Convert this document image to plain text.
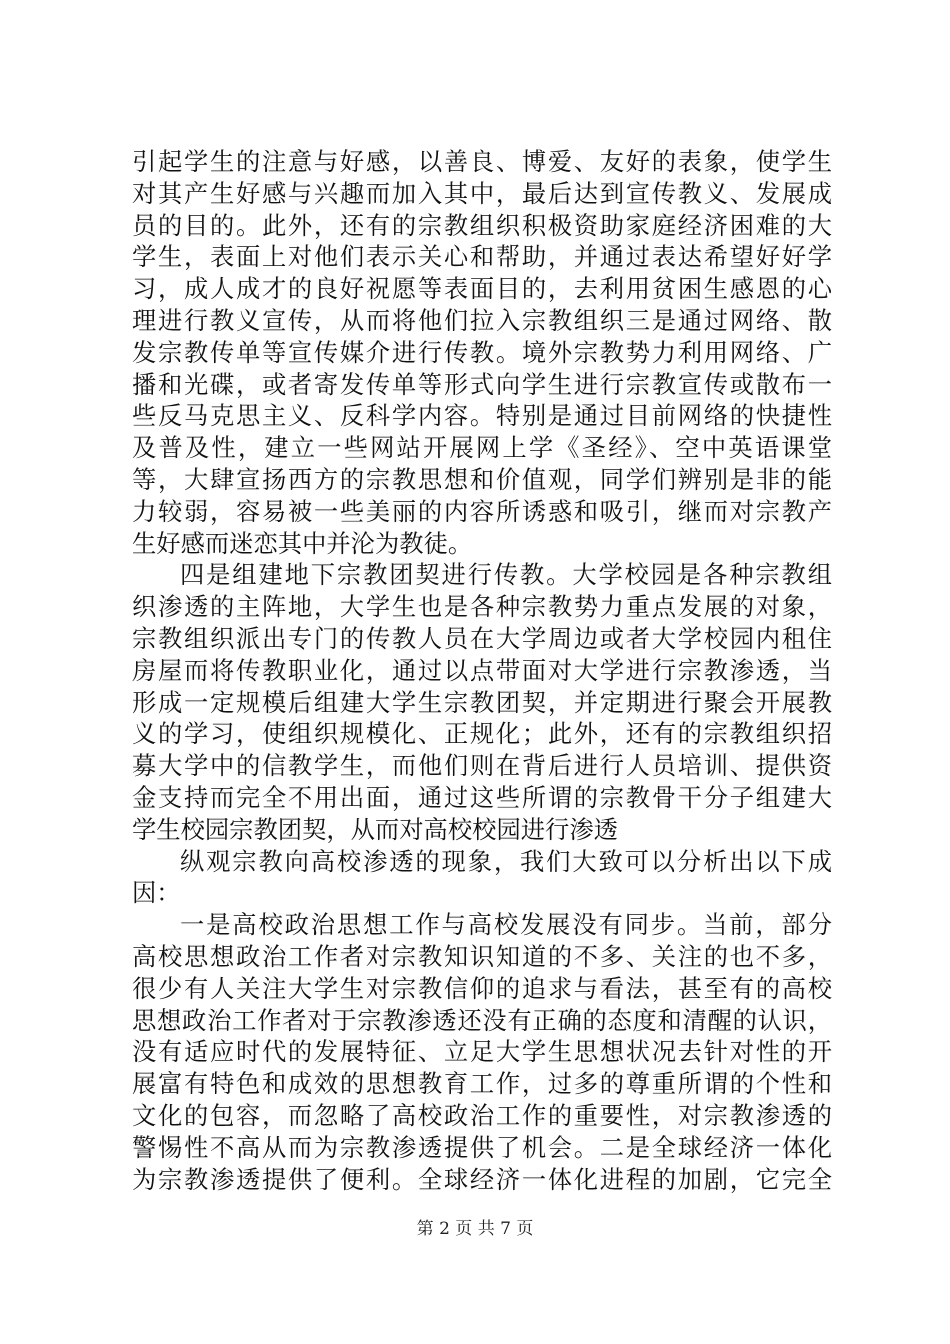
引起学生的注意与好感，以善良、博爱、友好的表象，使学生
对其产生好感与兴趣而加入其中，最后达到宣传教义、发展成
员的目的。此外，还有的宗教组织积极资助家庭经济困难的大
学生，表面上对他们表示关心和帮助，并通过表达希望好好学
习，成人成才的良好祝愿等表面目的，去利用贫困生感恩的心
理进行教义宣传，从而将他们拉入宗教组织三是通过网络、散
发宗教传单等宣传媒介进行传教。境外宗教势力利用网络、广
播和光碟，或者寄发传单等形式向学生进行宗教宣传或散布一
些反马克思主义、反科学内容。特别是通过目前网络的快捷性
及普及性，建立一些网站开展网上学《圣经》、空中英语课堂
等，大肆宣扬西方的宗教思想和价值观，同学们辨别是非的能
力较弱，容易被一些美丽的内容所诱惑和吸引，继而对宗教产
生好感而迷恋其中并沦为教徒。
四是组建地下宗教团契进行传教。大学校园是各种宗教组
织渗透的主阵地，大学生也是各种宗教势力重点发展的对象，
宗教组织派出专门的传教人员在大学周边或者大学校园内租住
房屋而将传教职业化，通过以点带面对大学进行宗教渗透，当
形成一定规模后组建大学生宗教团契，并定期进行聚会开展教
义的学习，使组织规模化、正规化；此外，还有的宗教组织招
募大学中的信教学生，而他们则在背后进行人员培训、提供资
金支持而完全不用出面，通过这些所谓的宗教骨干分子组建大
学生校园宗教团契，从而对高校校园进行渗透
纵观宗教向高校渗透的现象，我们大致可以分析出以下成
因：
一是高校政治思想工作与高校发展没有同步。当前，部分
高校思想政治工作者对宗教知识知道的不多、关注的也不多，
很少有人关注大学生对宗教信仰的追求与看法，甚至有的高校
思想政治工作者对于宗教渗透还没有正确的态度和清醒的认识，
没有适应时代的发展特征、立足大学生思想状况去针对性的开
展富有特色和成效的思想教育工作，过多的尊重所谓的个性和
文化的包容，而忽略了高校政治工作的重要性，对宗教渗透的
警惕性不高从而为宗教渗透提供了机会。二是全球经济一体化
为宗教渗透提供了便利。全球经济一体化进程的加剧，它完全
第 2 页 共 7 页
